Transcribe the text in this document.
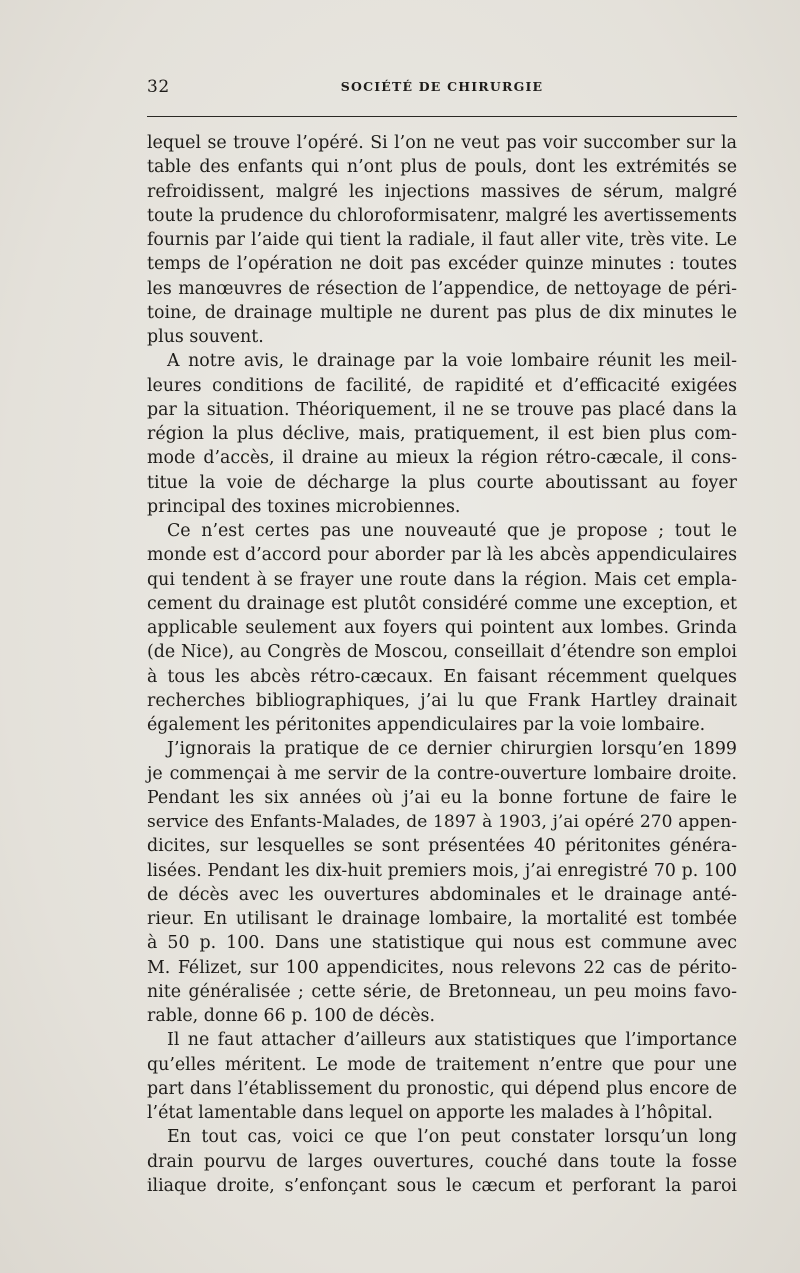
32	SOCIÉTÉ DE CHIRURGIE
lequel se trouve l’opéré. Si l’on ne veut pas voir succomber sur la
table des enfants qui n’ont plus de pouls, dont les extrémités se
refroidissent, malgré les injections massives de sérum, malgré
toute la prudence du chloroformisatenr, malgré les avertissements
fournis par l’aide qui tient la radiale, il faut aller vite, très vite. Le
temps de l’opération ne doit pas excéder quinze minutes : toutes
les manœuvres de résection de l’appendice, de nettoyage de péri-
toine, de drainage multiple ne durent pas plus de dix minutes le
plus souvent.
A notre avis, le drainage par la voie lombaire réunit les meil-
leures conditions de facilité, de rapidité et d’efficacité exigées
par la situation. Théoriquement, il ne se trouve pas placé dans la
région la plus déclive, mais, pratiquement, il est bien plus com-
mode d’accès, il draine au mieux la région rétro-cæcale, il cons-
titue la voie de décharge la plus courte aboutissant au foyer
principal des toxines microbiennes.
Ce n’est certes pas une nouveauté que je propose ; tout le
monde est d’accord pour aborder par là les abcès appendiculaires
qui tendent à se frayer une route dans la région. Mais cet empla-
cement du drainage est plutôt considéré comme une exception, et
applicable seulement aux foyers qui pointent aux lombes. Grinda
(de Nice), au Congrès de Moscou, conseillait d’étendre son emploi
à tous les abcès rétro-cæcaux. En faisant récemment quelques
recherches bibliographiques, j’ai lu que Frank Hartley drainait
également les péritonites appendiculaires par la voie lombaire.
J’ignorais la pratique de ce dernier chirurgien lorsqu’en 1899
je commençai à me servir de la contre-ouverture lombaire droite.
Pendant les six années où j’ai eu la bonne fortune de faire le
service des Enfants-Malades, de 1897 à 1903, j’ai opéré 270 appen-
dicites, sur lesquelles se sont présentées 40 péritonites généra-
lisées. Pendant les dix-huit premiers mois, j’ai enregistré 70 p. 100
de décès avec les ouvertures abdominales et le drainage anté-
rieur. En utilisant le drainage lombaire, la mortalité est tombée
à 50 p. 100. Dans une statistique qui nous est commune avec
M. Félizet, sur 100 appendicites, nous relevons 22 cas de périto-
nite généralisée ; cette série, de Bretonneau, un peu moins favo-
rable, donne 66 p. 100 de décès.
Il ne faut attacher d’ailleurs aux statistiques que l’importance
qu’elles méritent. Le mode de traitement n’entre que pour une
part dans l’établissement du pronostic, qui dépend plus encore de
l’état lamentable dans lequel on apporte les malades à l’hôpital.
En tout cas, voici ce que l’on peut constater lorsqu’un long
drain pourvu de larges ouvertures, couché dans toute la fosse
iliaque droite, s’enfonçant sous le cæcum et perforant la paroi
